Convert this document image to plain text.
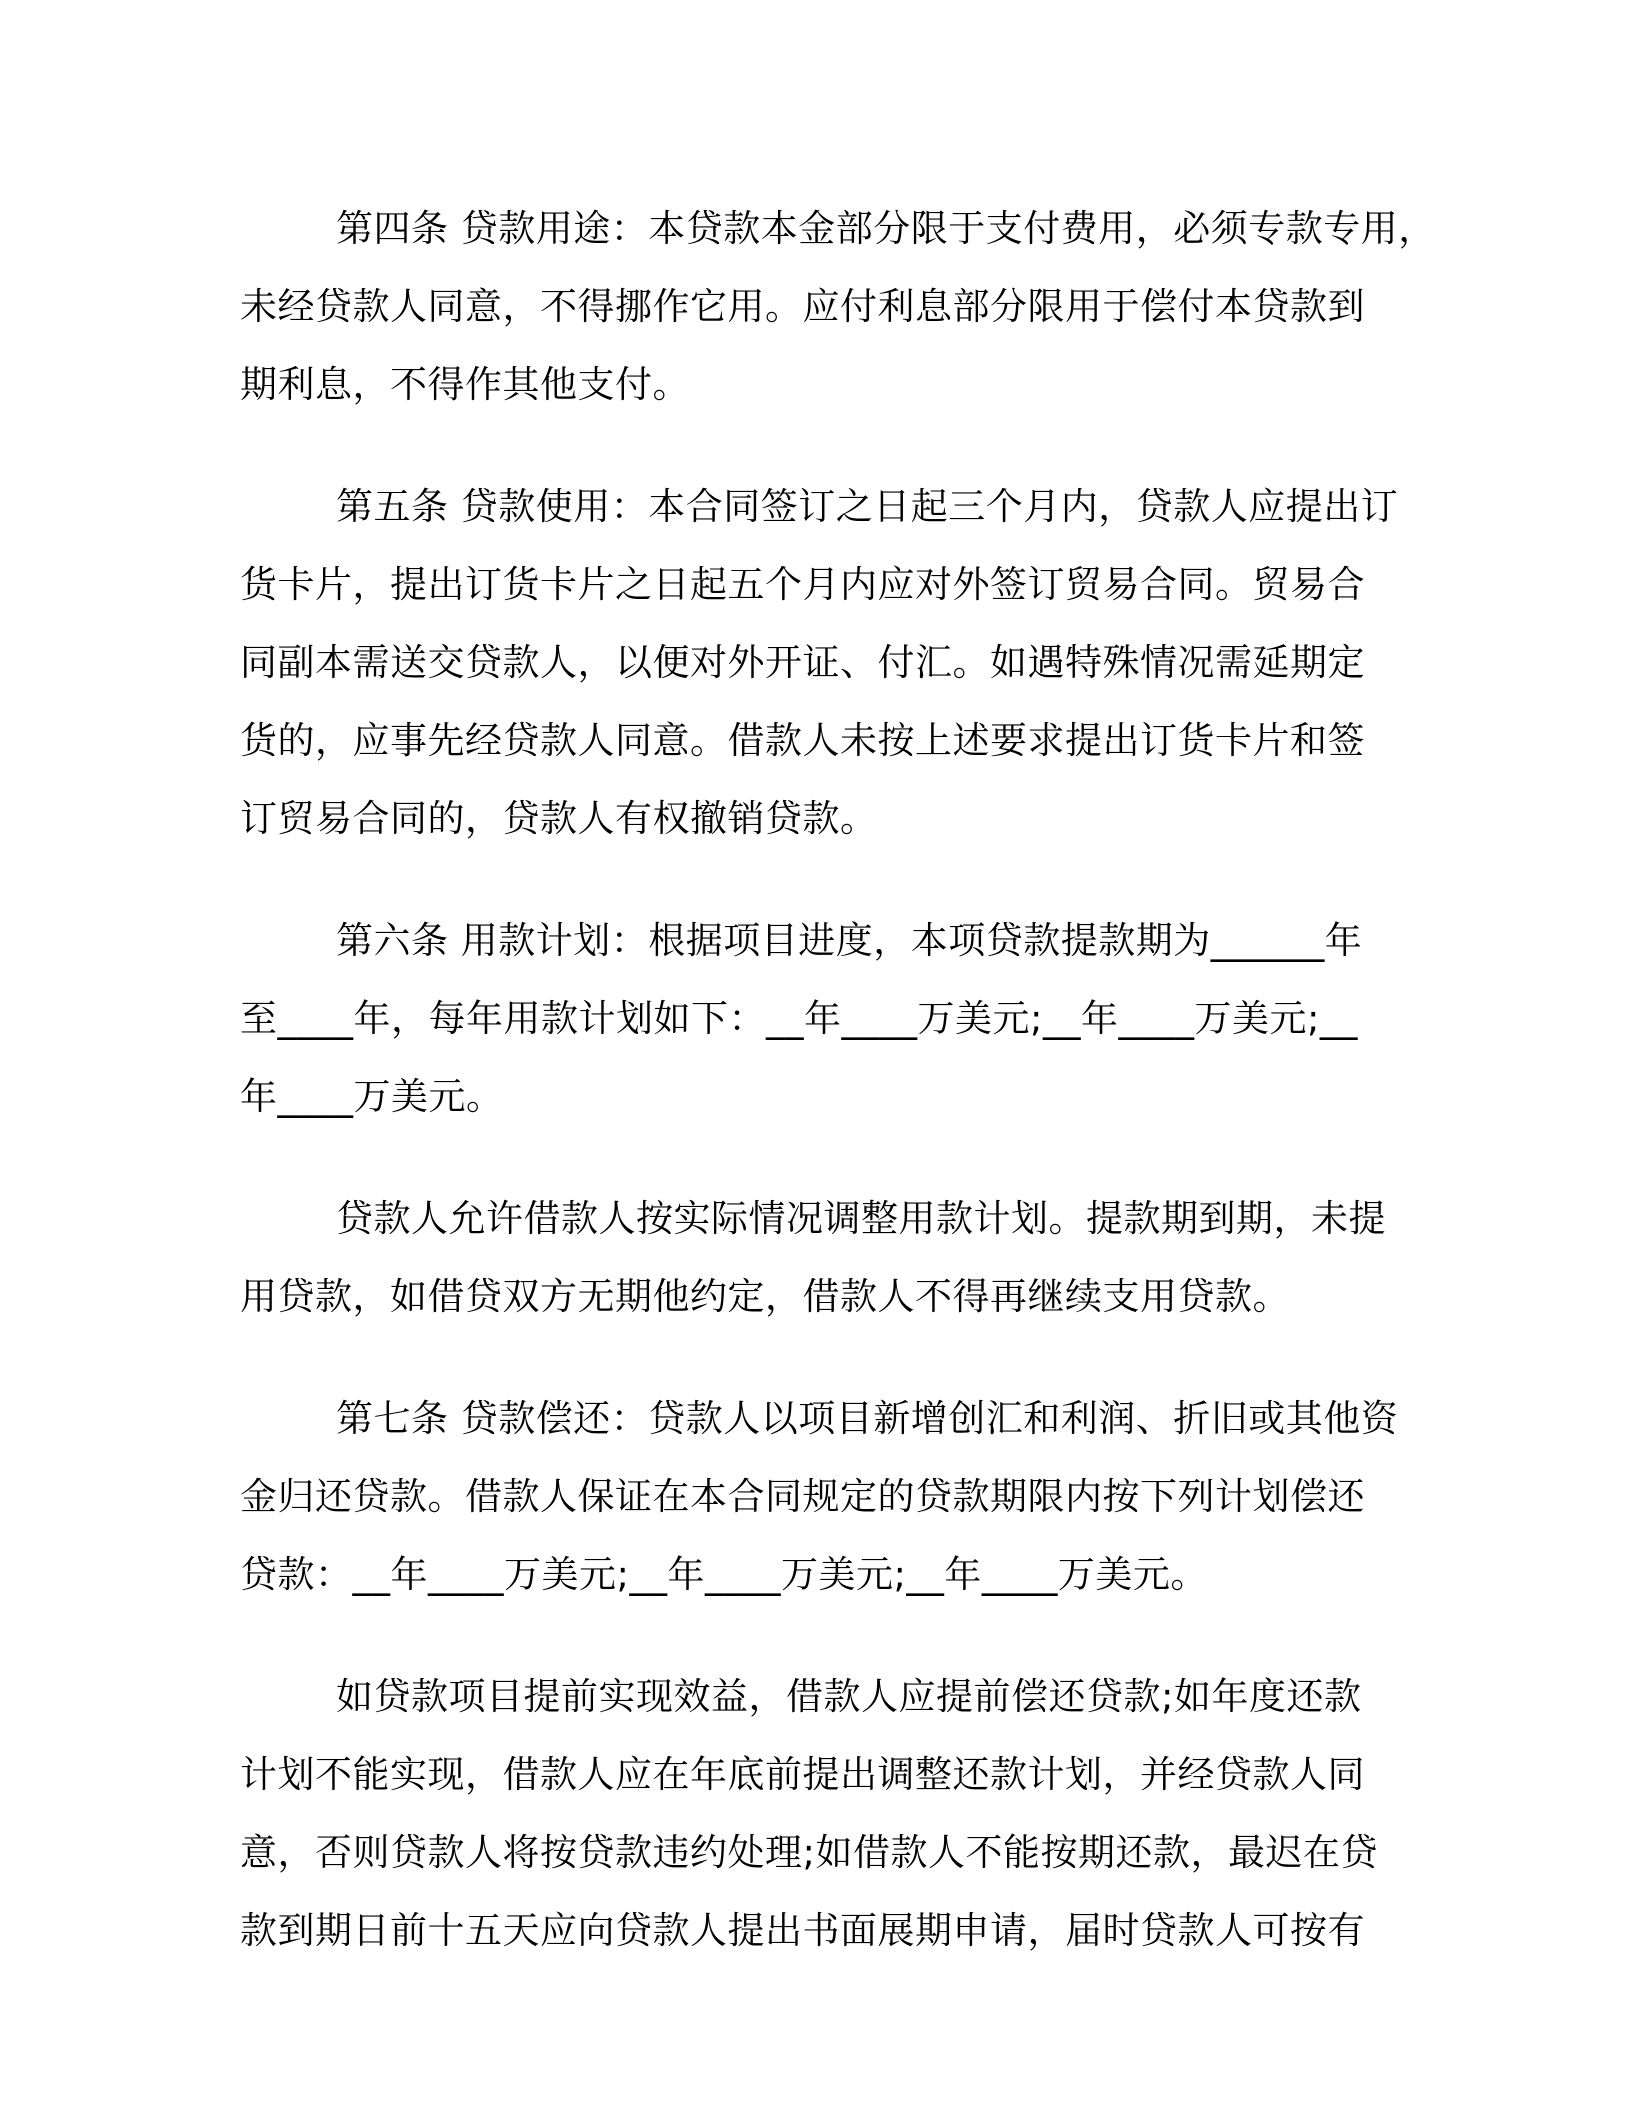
第四条 贷款用途：本贷款本金部分限于支付费用，必须专款专用，
未经贷款人同意，不得挪作它用。应付利息部分限用于偿付本贷款到
期利息，不得作其他支付。
第五条 贷款使用：本合同签订之日起三个月内，贷款人应提出订
货卡片，提出订货卡片之日起五个月内应对外签订贸易合同。贸易合
同副本需送交贷款人，以便对外开证、付汇。如遇特殊情况需延期定
货的，应事先经贷款人同意。借款人未按上述要求提出订货卡片和签
订贸易合同的，贷款人有权撤销贷款。
第六条 用款计划：根据项目进度，本项贷款提款期为______年
至____年，每年用款计划如下：__年____万美元;__年____万美元;__
年____万美元。
贷款人允许借款人按实际情况调整用款计划。提款期到期，未提
用贷款，如借贷双方无期他约定，借款人不得再继续支用贷款。
第七条 贷款偿还：贷款人以项目新增创汇和利润、折旧或其他资
金归还贷款。借款人保证在本合同规定的贷款期限内按下列计划偿还
贷款：__年____万美元;__年____万美元;__年____万美元。
如贷款项目提前实现效益，借款人应提前偿还贷款;如年度还款
计划不能实现，借款人应在年底前提出调整还款计划，并经贷款人同
意，否则贷款人将按贷款违约处理;如借款人不能按期还款，最迟在贷
款到期日前十五天应向贷款人提出书面展期申请，届时贷款人可按有
